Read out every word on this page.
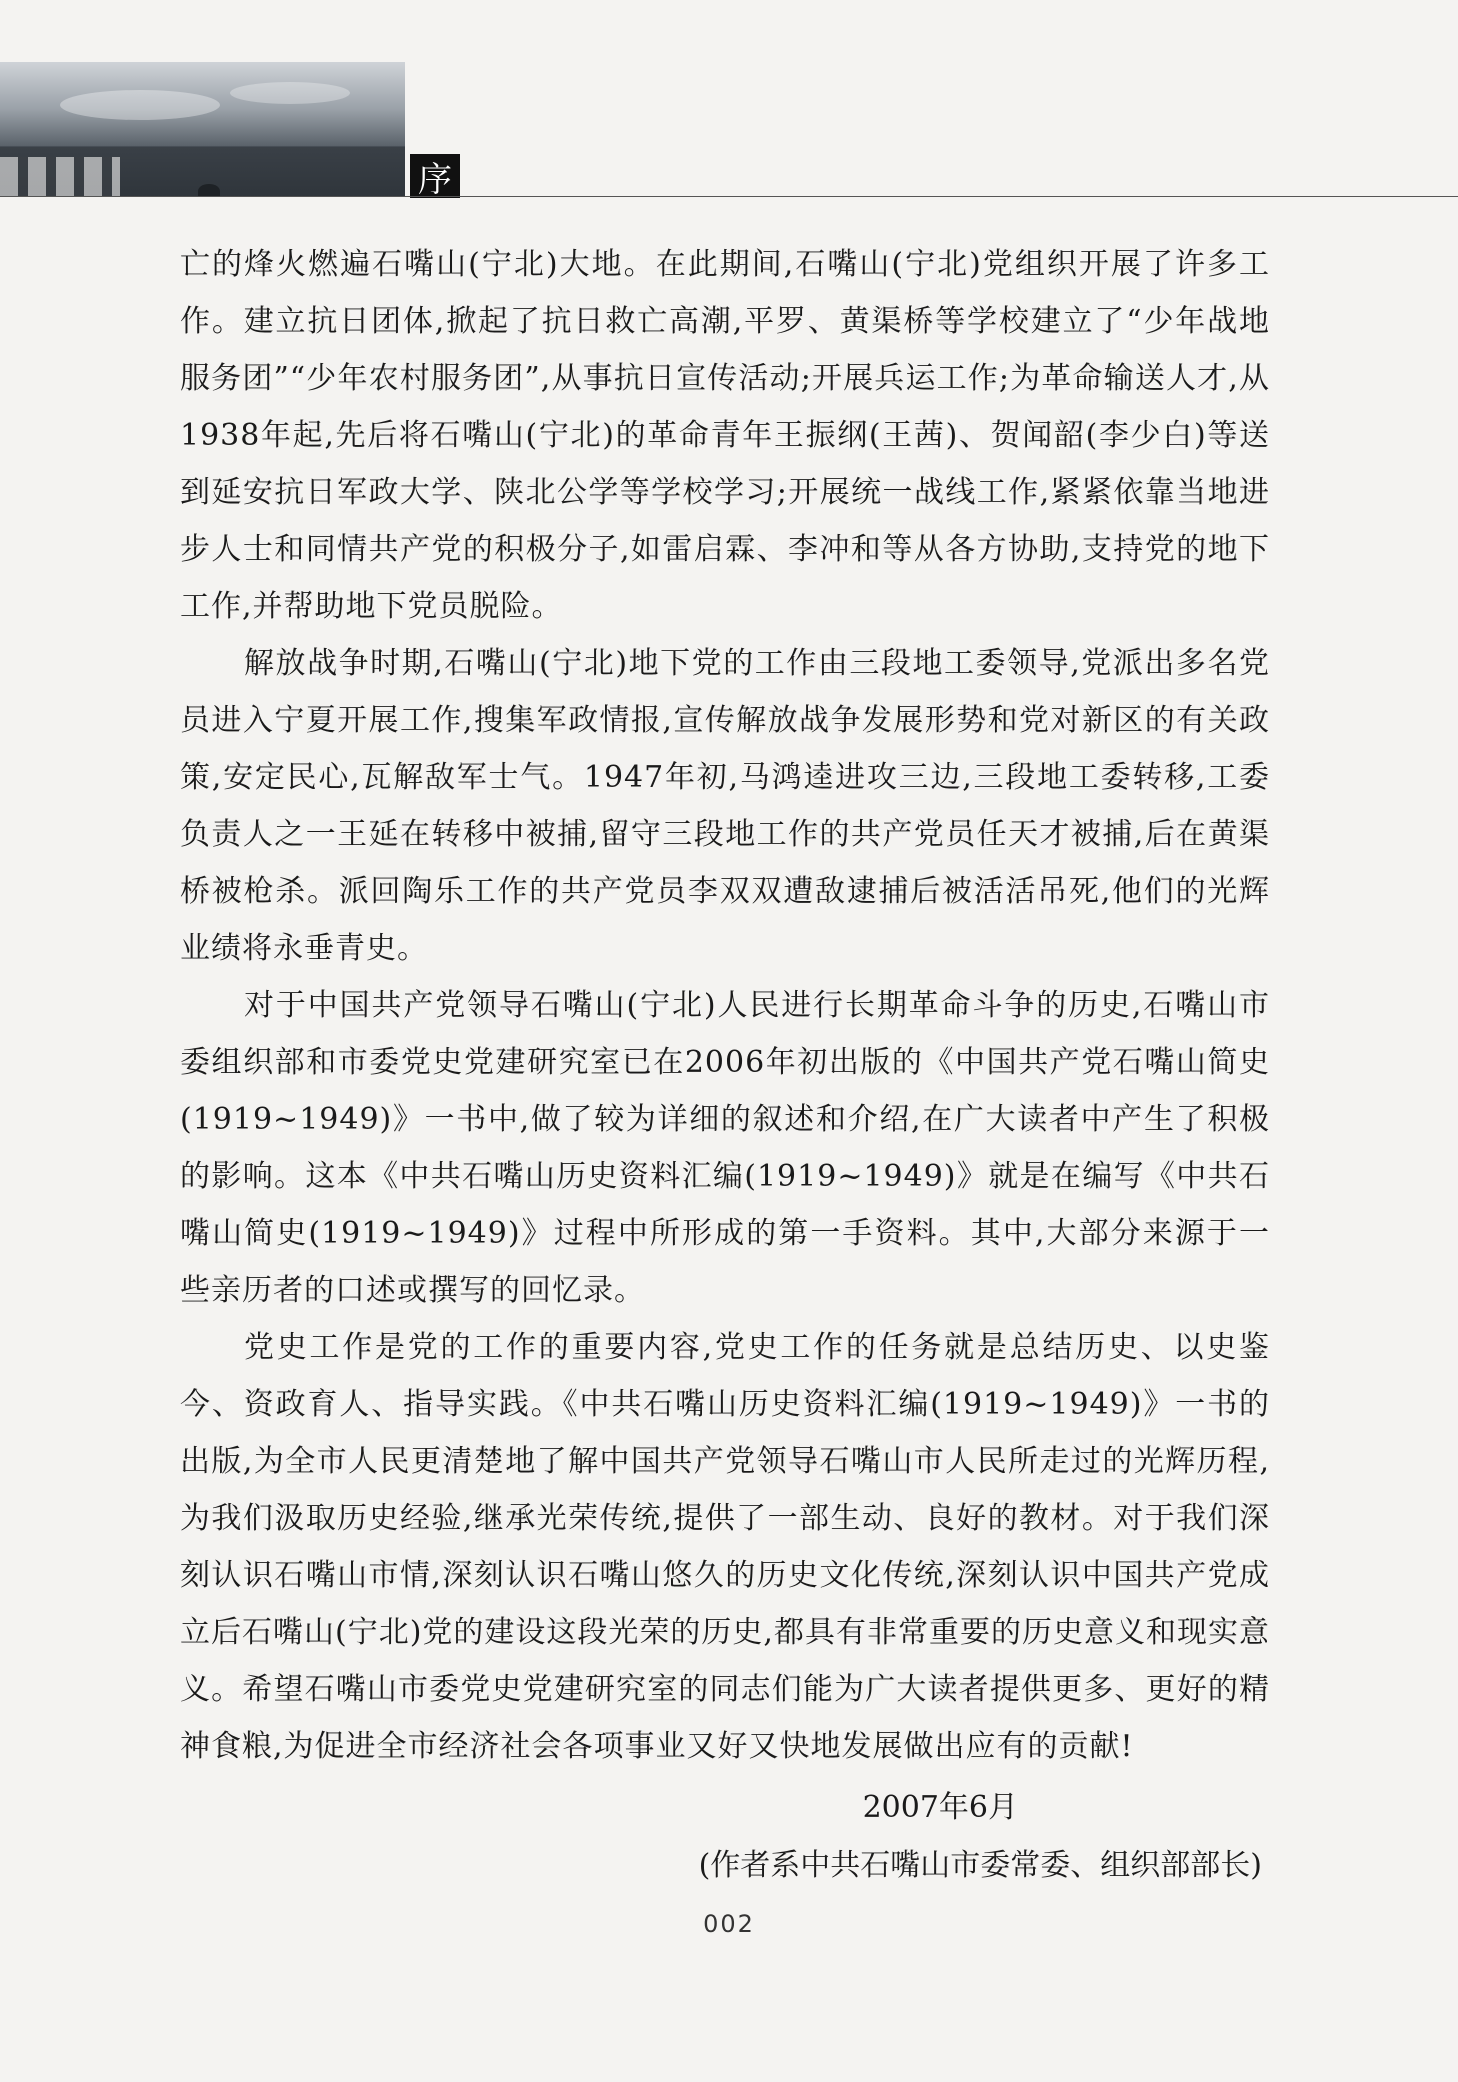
序

亡的烽火燃遍石嘴山(宁北)大地。在此期间,石嘴山(宁北)党组织开展了许多工作。建立抗日团体,掀起了抗日救亡高潮,平罗、黄渠桥等学校建立了“少年战地服务团”“少年农村服务团”,从事抗日宣传活动;开展兵运工作;为革命输送人才,从1938年起,先后将石嘴山(宁北)的革命青年王振纲(王茜)、贺闻韶(李少白)等送到延安抗日军政大学、陕北公学等学校学习;开展统一战线工作,紧紧依靠当地进步人士和同情共产党的积极分子,如雷启霖、李冲和等从各方协助,支持党的地下工作,并帮助地下党员脱险。

解放战争时期,石嘴山(宁北)地下党的工作由三段地工委领导,党派出多名党员进入宁夏开展工作,搜集军政情报,宣传解放战争发展形势和党对新区的有关政策,安定民心,瓦解敌军士气。1947年初,马鸿逵进攻三边,三段地工委转移,工委负责人之一王延在转移中被捕,留守三段地工作的共产党员任天才被捕,后在黄渠桥被枪杀。派回陶乐工作的共产党员李双双遭敌逮捕后被活活吊死,他们的光辉业绩将永垂青史。

对于中国共产党领导石嘴山(宁北)人民进行长期革命斗争的历史,石嘴山市委组织部和市委党史党建研究室已在2006年初出版的《中国共产党石嘴山简史(1919~1949)》一书中,做了较为详细的叙述和介绍,在广大读者中产生了积极的影响。这本《中共石嘴山历史资料汇编(1919~1949)》就是在编写《中共石嘴山简史(1919~1949)》过程中所形成的第一手资料。其中,大部分来源于一些亲历者的口述或撰写的回忆录。

党史工作是党的工作的重要内容,党史工作的任务就是总结历史、以史鉴今、资政育人、指导实践。《中共石嘴山历史资料汇编(1919~1949)》一书的出版,为全市人民更清楚地了解中国共产党领导石嘴山市人民所走过的光辉历程,为我们汲取历史经验,继承光荣传统,提供了一部生动、良好的教材。对于我们深刻认识石嘴山市情,深刻认识石嘴山悠久的历史文化传统,深刻认识中国共产党成立后石嘴山(宁北)党的建设这段光荣的历史,都具有非常重要的历史意义和现实意义。希望石嘴山市委党史党建研究室的同志们能为广大读者提供更多、更好的精神食粮,为促进全市经济社会各项事业又好又快地发展做出应有的贡献!

2007年6月
(作者系中共石嘴山市委常委、组织部部长)
002
